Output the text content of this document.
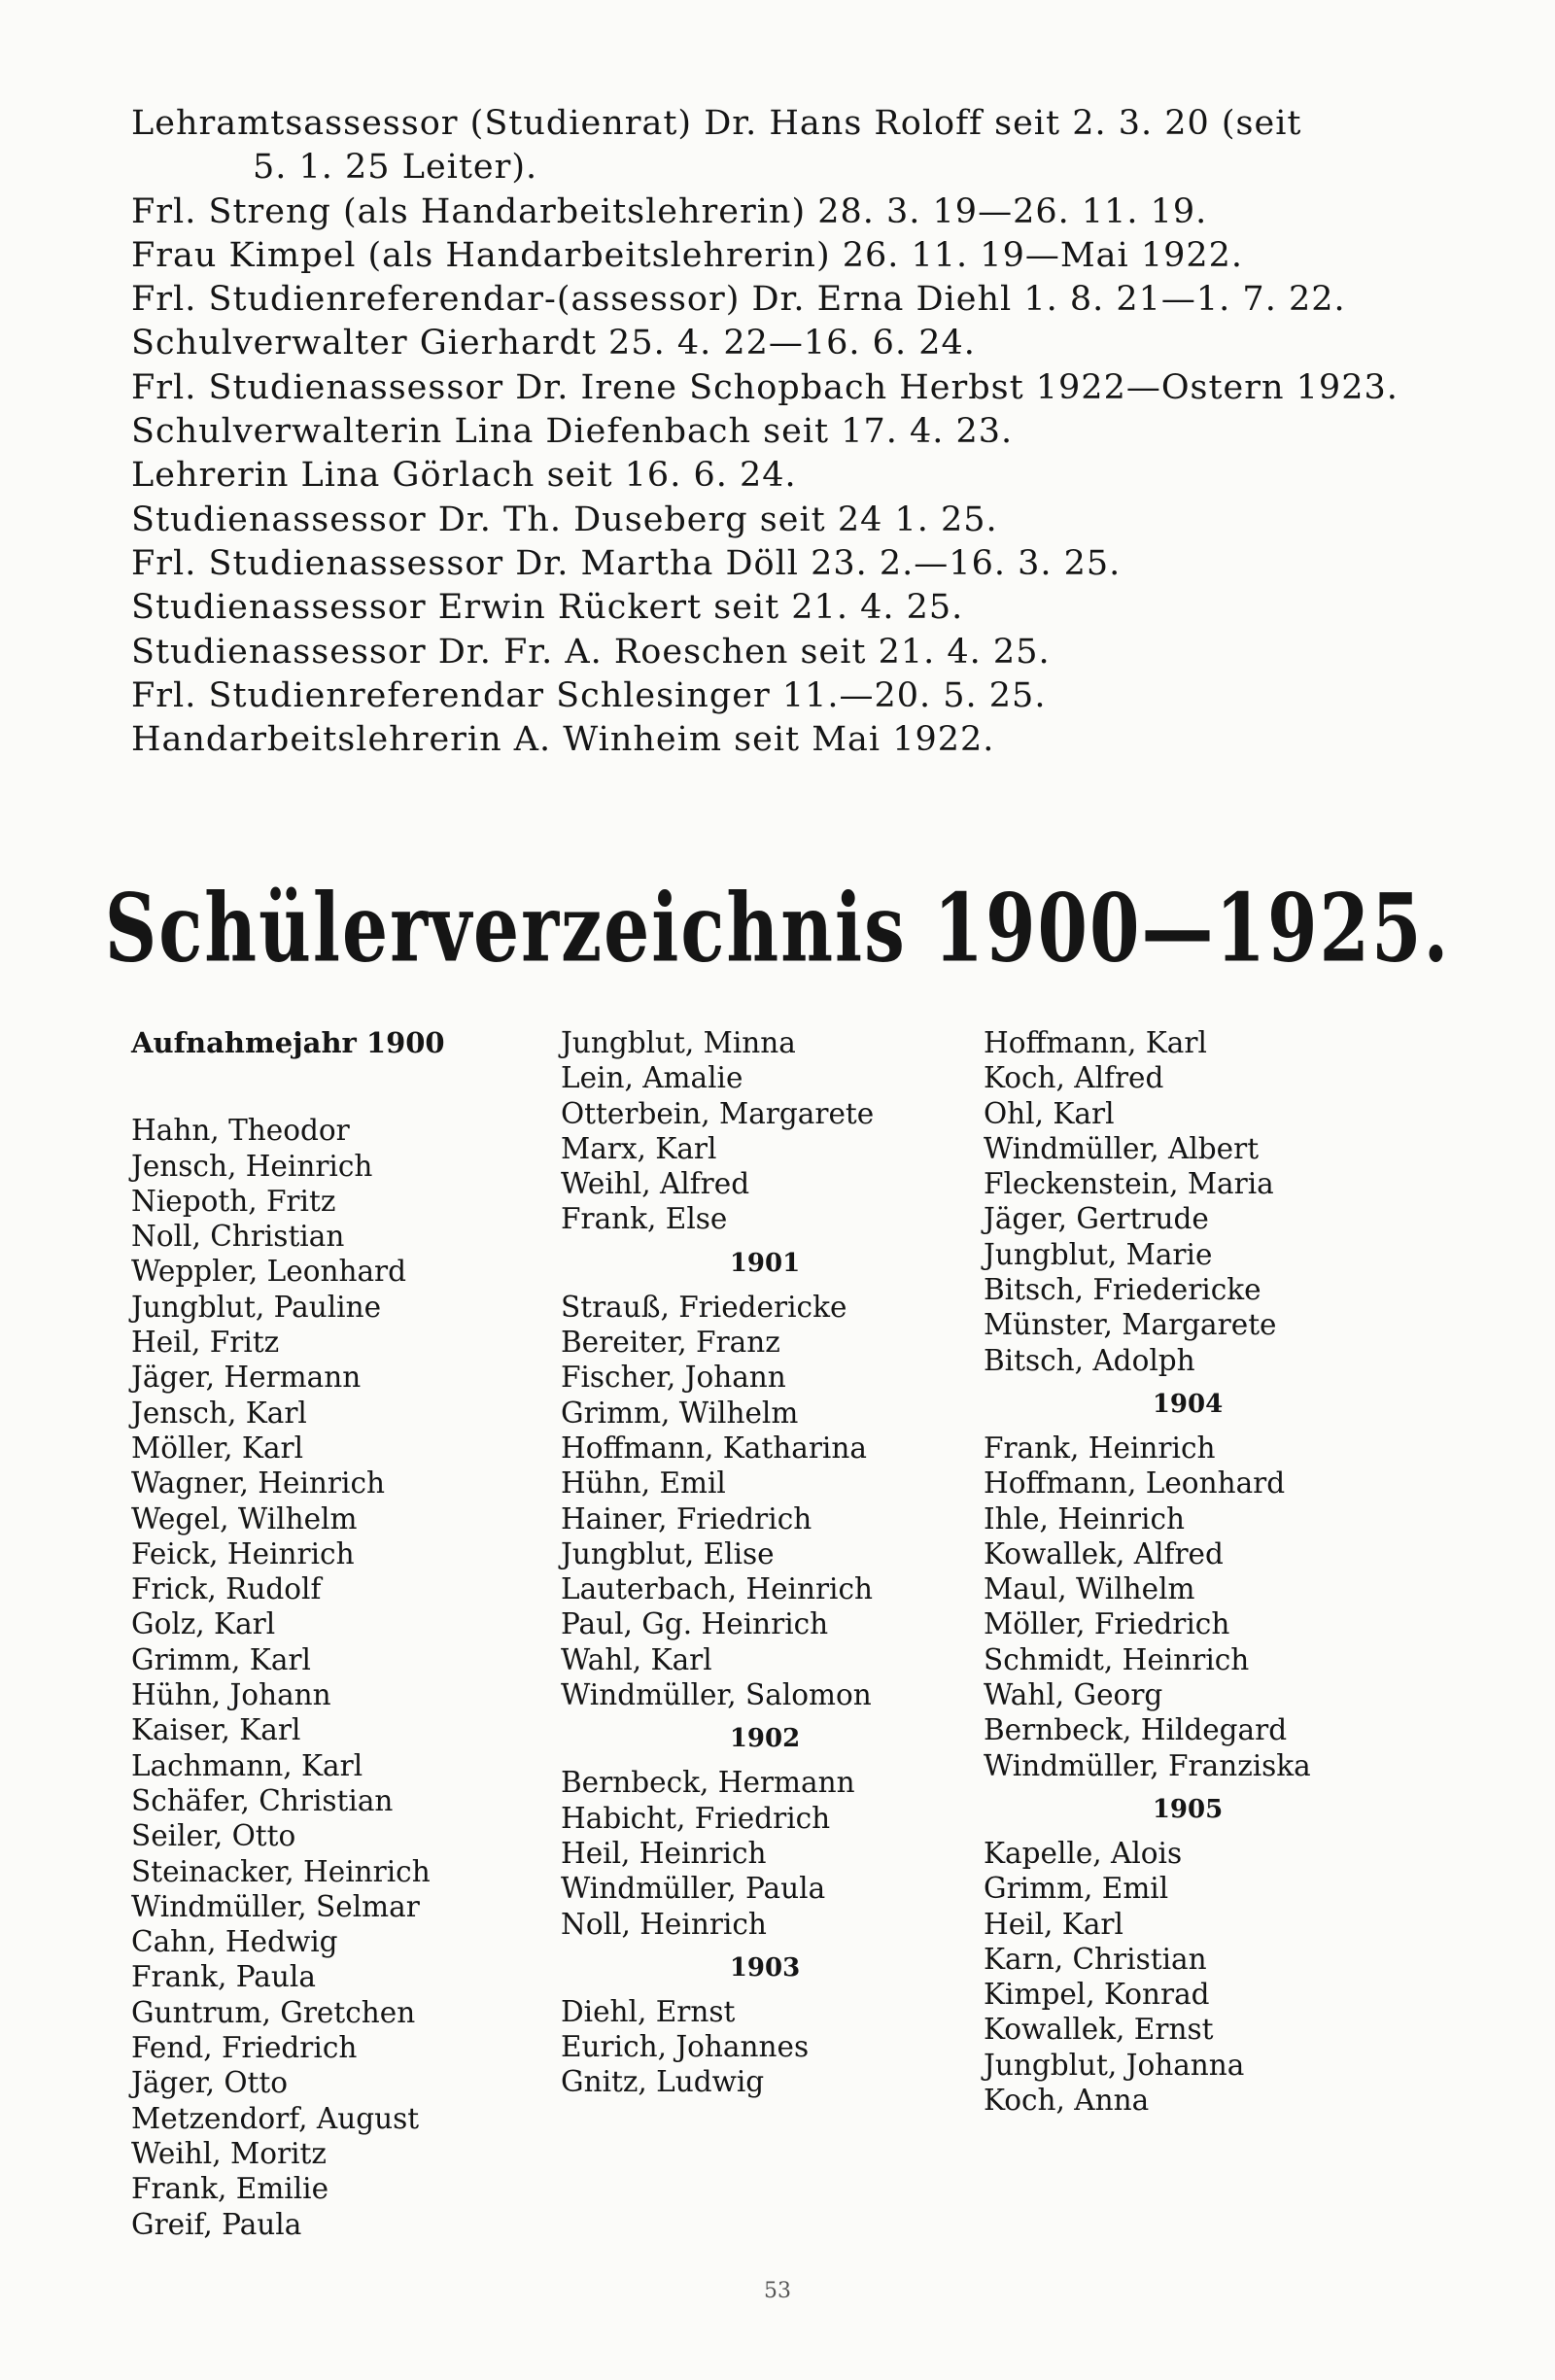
Lehramtsassessor (Studienrat) Dr. Hans Roloff seit 2. 3. 20 (seit
5. 1. 25 Leiter).
Frl. Streng (als Handarbeitslehrerin) 28. 3. 19—26. 11. 19.
Frau Kimpel (als Handarbeitslehrerin) 26. 11. 19—Mai 1922.
Frl. Studienreferendar-(assessor) Dr. Erna Diehl 1. 8. 21—1. 7. 22.
Schulverwalter Gierhardt 25. 4. 22—16. 6. 24.
Frl. Studienassessor Dr. Irene Schopbach Herbst 1922—Ostern 1923.
Schulverwalterin Lina Diefenbach seit 17. 4. 23.
Lehrerin Lina Görlach seit 16. 6. 24.
Studienassessor Dr. Th. Duseberg seit 24 1. 25.
Frl. Studienassessor Dr. Martha Döll 23. 2.—16. 3. 25.
Studienassessor Erwin Rückert seit 21. 4. 25.
Studienassessor Dr. Fr. A. Roeschen seit 21. 4. 25.
Frl. Studienreferendar Schlesinger 11.—20. 5. 25.
Handarbeitslehrerin A. Winheim seit Mai 1922.
Schülerverzeichnis 1900—1925.
Aufnahmejahr 1900
Hahn, Theodor
Jensch, Heinrich
Niepoth, Fritz
Noll, Christian
Weppler, Leonhard
Jungblut, Pauline
Heil, Fritz
Jäger, Hermann
Jensch, Karl
Möller, Karl
Wagner, Heinrich
Wegel, Wilhelm
Feick, Heinrich
Frick, Rudolf
Golz, Karl
Grimm, Karl
Hühn, Johann
Kaiser, Karl
Lachmann, Karl
Schäfer, Christian
Seiler, Otto
Steinacker, Heinrich
Windmüller, Selmar
Cahn, Hedwig
Frank, Paula
Guntrum, Gretchen
Fend, Friedrich
Jäger, Otto
Metzendorf, August
Weihl, Moritz
Frank, Emilie
Greif, Paula
Jungblut, Minna
Lein, Amalie
Otterbein, Margarete
Marx, Karl
Weihl, Alfred
Frank, Else
1901
Strauß, Friedericke
Bereiter, Franz
Fischer, Johann
Grimm, Wilhelm
Hoffmann, Katharina
Hühn, Emil
Hainer, Friedrich
Jungblut, Elise
Lauterbach, Heinrich
Paul, Gg. Heinrich
Wahl, Karl
Windmüller, Salomon
1902
Bernbeck, Hermann
Habicht, Friedrich
Heil, Heinrich
Windmüller, Paula
Noll, Heinrich
1903
Diehl, Ernst
Eurich, Johannes
Gnitz, Ludwig
Hoffmann, Karl
Koch, Alfred
Ohl, Karl
Windmüller, Albert
Fleckenstein, Maria
Jäger, Gertrude
Jungblut, Marie
Bitsch, Friedericke
Münster, Margarete
Bitsch, Adolph
1904
Frank, Heinrich
Hoffmann, Leonhard
Ihle, Heinrich
Kowallek, Alfred
Maul, Wilhelm
Möller, Friedrich
Schmidt, Heinrich
Wahl, Georg
Bernbeck, Hildegard
Windmüller, Franziska
1905
Kapelle, Alois
Grimm, Emil
Heil, Karl
Karn, Christian
Kimpel, Konrad
Kowallek, Ernst
Jungblut, Johanna
Koch, Anna
53
